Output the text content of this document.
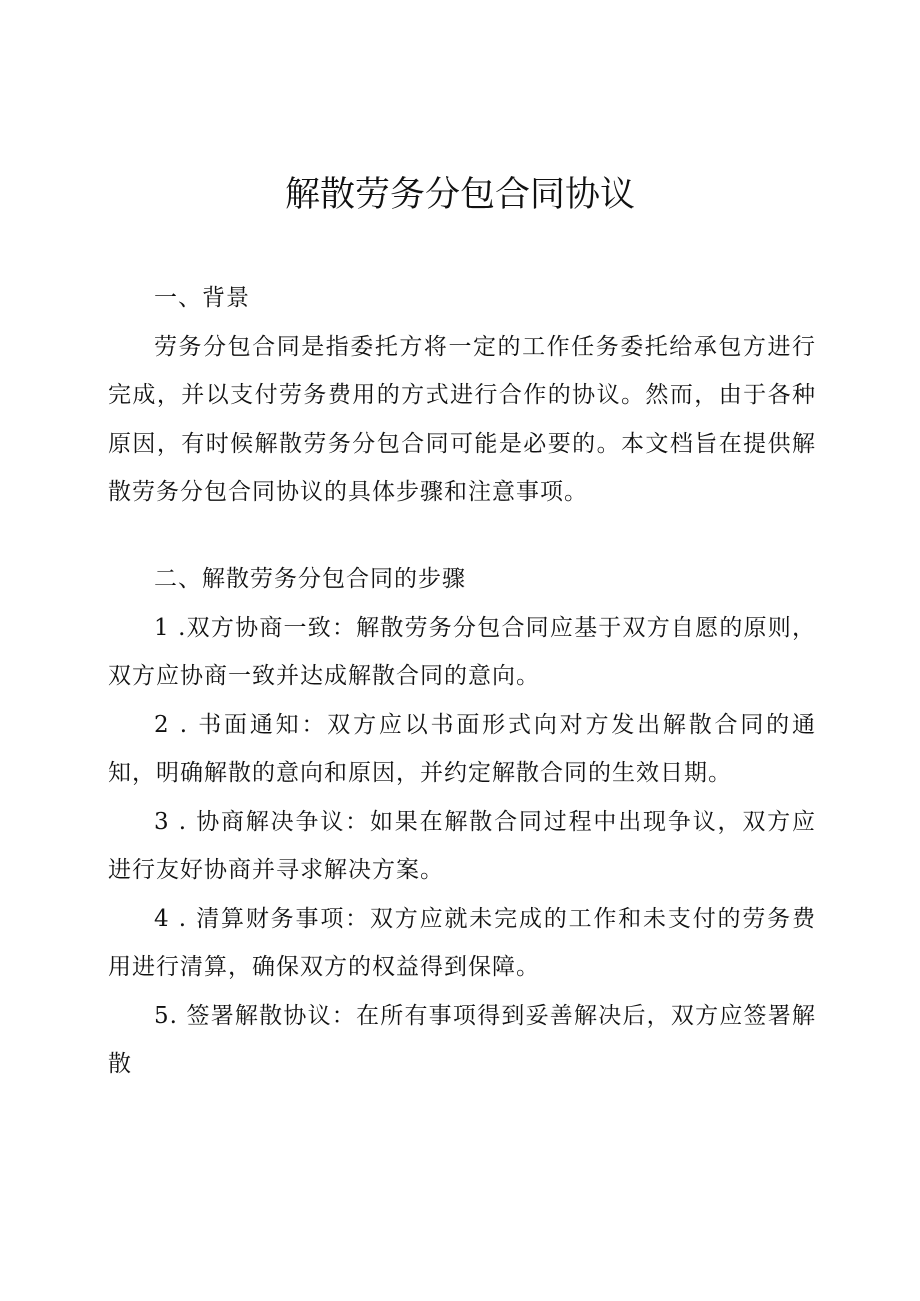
解散劳务分包合同协议

一、背景

劳务分包合同是指委托方将一定的工作任务委托给承包方进行完成，并以支付劳务费用的方式进行合作的协议。然而，由于各种原因，有时候解散劳务分包合同可能是必要的。本文档旨在提供解散劳务分包合同协议的具体步骤和注意事项。

二、解散劳务分包合同的步骤

1 .双方协商一致：解散劳务分包合同应基于双方自愿的原则，双方应协商一致并达成解散合同的意向。

2 . 书面通知：双方应以书面形式向对方发出解散合同的通知，明确解散的意向和原因，并约定解散合同的生效日期。

3 . 协商解决争议：如果在解散合同过程中出现争议，双方应进行友好协商并寻求解决方案。

4 . 清算财务事项：双方应就未完成的工作和未支付的劳务费用进行清算，确保双方的权益得到保障。

5. 签署解散协议：在所有事项得到妥善解决后，双方应签署解散
